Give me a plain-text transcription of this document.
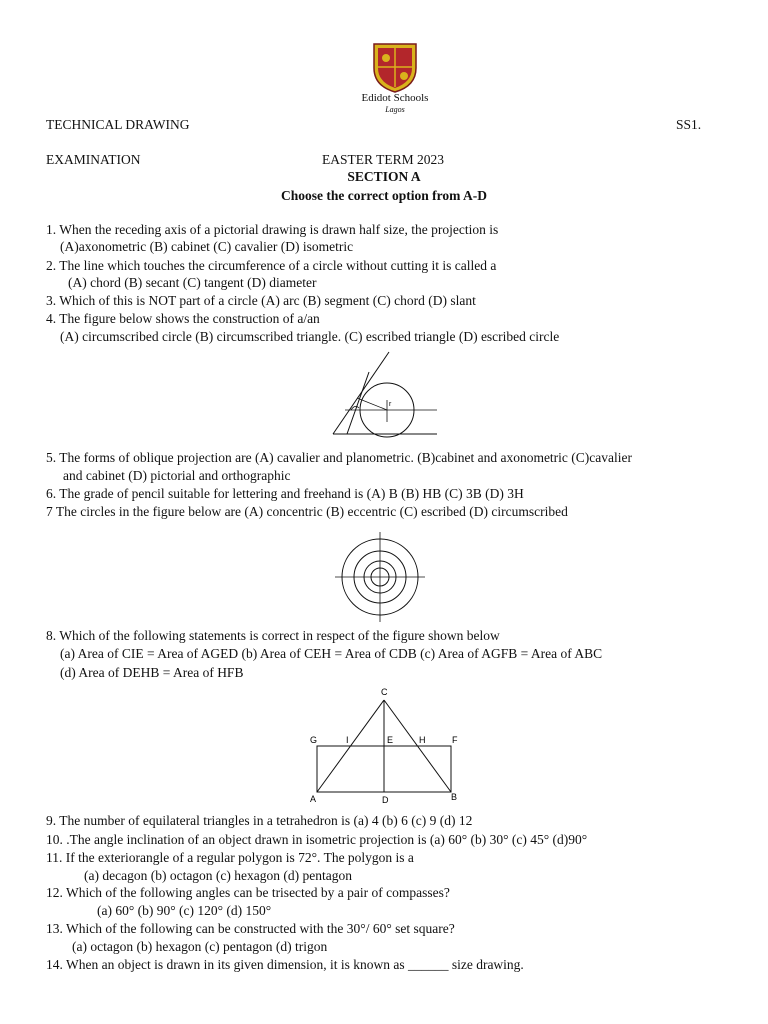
Edidot Schools
Lagos
TECHNICAL DRAWING	SS1.
EXAMINATION	EASTER TERM 2023
SECTION A
Choose the correct option from A-D
1. When the receding axis of a pictorial drawing is drawn half size, the projection is
(A)axonometric (B) cabinet (C) cavalier (D) isometric
2. The line which touches the circumference of a circle without cutting it is called a
(A) chord (B) secant (C) tangent (D) diameter
3. Which of this is NOT part of a circle (A) arc (B) segment (C) chord (D) slant
4. The figure below shows the construction of a/an
(A) circumscribed circle (B) circumscribed triangle. (C) escribed triangle (D) escribed circle
r
5. The forms of oblique projection are (A) cavalier and planometric. (B)cabinet and axonometric (C)cavalier
and cabinet (D) pictorial and orthographic
6. The grade of pencil suitable for lettering and freehand is (A) B (B) HB (C) 3B (D) 3H
7 The circles in the figure below are (A) concentric (B) eccentric (C) escribed (D) circumscribed
8. Which of the following statements is correct in respect of the figure shown below
(a) Area of CIE = Area of AGED (b) Area of CEH = Area of CDB (c) Area of AGFB = Area of ABC
(d) Area of DEHB = Area of HFB
C
G	I	E	H	F
A	D	B
9. The number of equilateral triangles in a tetrahedron is (a) 4 (b) 6 (c) 9 (d) 12
10. .The angle inclination of an object drawn in isometric projection is (a) 60° (b) 30° (c) 45° (d)90°
11. If the exteriorangle of a regular polygon is 72°. The polygon is a
(a) decagon (b) octagon (c) hexagon (d) pentagon
12. Which of the following angles can be trisected by a pair of compasses?
(a) 60° (b) 90° (c) 120° (d) 150°
13. Which of the following can be constructed with the 30°/ 60° set square?
(a) octagon (b) hexagon (c) pentagon (d) trigon
14. When an object is drawn in its given dimension, it is known as ______ size drawing.
